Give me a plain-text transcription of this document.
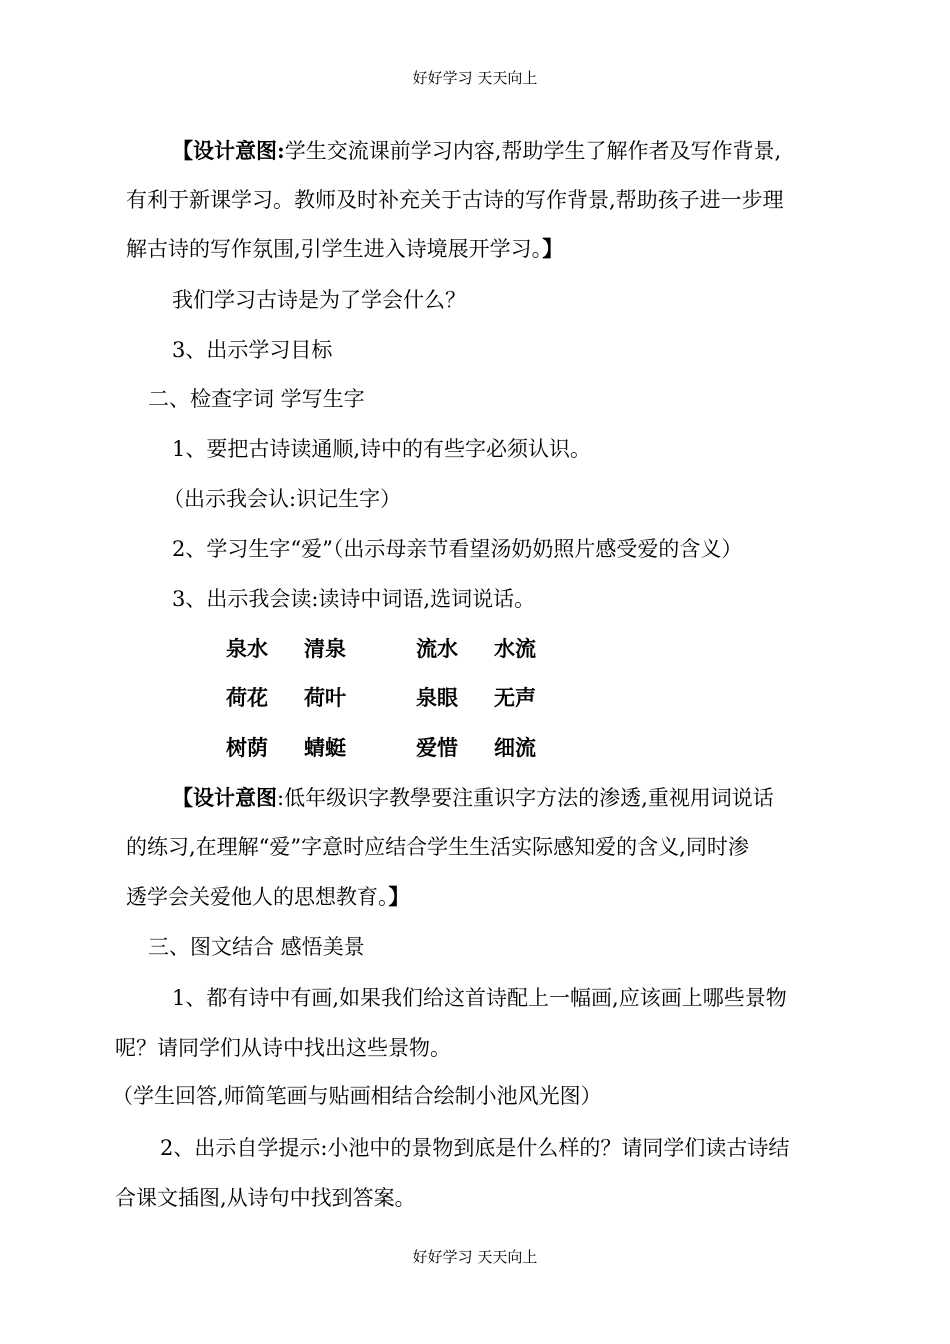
好好学习 天天向上
【设计意图:学生交流课前学习内容,帮助学生了解作者及写作背景,
有利于新课学习。教师及时补充关于古诗的写作背景,帮助孩子进一步理
解古诗的写作氛围,引学生进入诗境展开学习。】
我们学习古诗是为了学会什么？
3、出示学习目标
二、检查字词 学写生字
1、要把古诗读通顺,诗中的有些字必须认识。
（出示我会认:识记生字）
2、学习生字“爱”（出示母亲节看望汤奶奶照片感受爱的含义）
3、出示我会读:读诗中词语,选词说话。
泉水 清泉	流水 水流
荷花 荷叶	泉眼 无声
树荫 蜻蜓	爱惜 细流
【设计意图:低年级识字教學要注重识字方法的渗透,重视用词说话
的练习,在理解“爱”字意时应结合学生生活实际感知爱的含义,同时渗
透学会关爱他人的思想教育。】
三、图文结合 感悟美景
1、都有诗中有画,如果我们给这首诗配上一幅画,应该画上哪些景物
呢？请同学们从诗中找出这些景物。
（学生回答,师简笔画与贴画相结合绘制小池风光图）
2、出示自学提示:小池中的景物到底是什么样的？请同学们读古诗结
合课文插图,从诗句中找到答案。
好好学习 天天向上
